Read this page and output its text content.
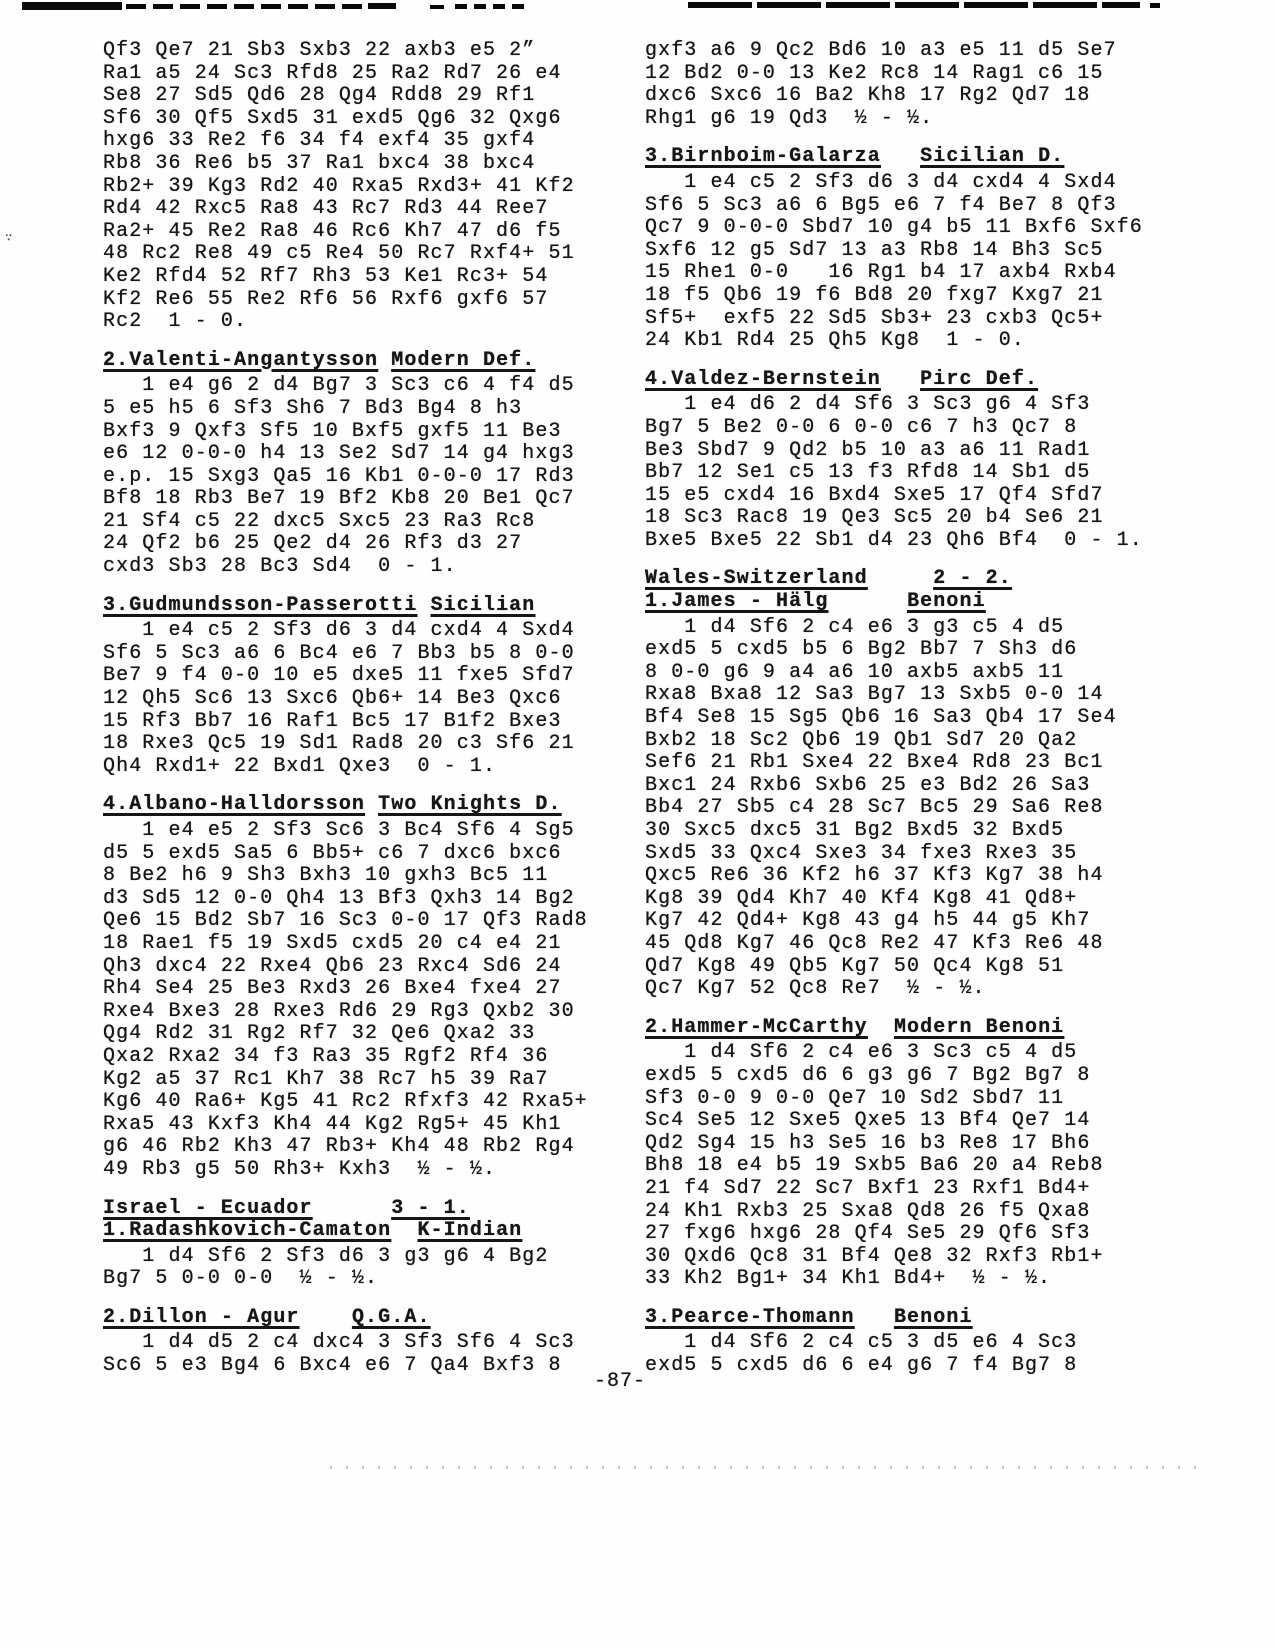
∵
Qf3 Qe7 21 Sb3 Sxb3 22 axb3 e5 2”
Ra1 a5 24 Sc3 Rfd8 25 Ra2 Rd7 26 e4
Se8 27 Sd5 Qd6 28 Qg4 Rdd8 29 Rf1
Sf6 30 Qf5 Sxd5 31 exd5 Qg6 32 Qxg6
hxg6 33 Re2 f6 34 f4 exf4 35 gxf4
Rb8 36 Re6 b5 37 Ra1 bxc4 38 bxc4
Rb2+ 39 Kg3 Rd2 40 Rxa5 Rxd3+ 41 Kf2
Rd4 42 Rxc5 Ra8 43 Rc7 Rd3 44 Ree7
Ra2+ 45 Re2 Ra8 46 Rc6 Kh7 47 d6 f5
48 Rc2 Re8 49 c5 Re4 50 Rc7 Rxf4+ 51
Ke2 Rfd4 52 Rf7 Rh3 53 Ke1 Rc3+ 54
Kf2 Re6 55 Re2 Rf6 56 Rxf6 gxf6 57
Rc2  1 - 0.
2.Valenti-Angantysson Modern Def.
1 e4 g6 2 d4 Bg7 3 Sc3 c6 4 f4 d5
5 e5 h5 6 Sf3 Sh6 7 Bd3 Bg4 8 h3
Bxf3 9 Qxf3 Sf5 10 Bxf5 gxf5 11 Be3
e6 12 0-0-0 h4 13 Se2 Sd7 14 g4 hxg3
e.p. 15 Sxg3 Qa5 16 Kb1 0-0-0 17 Rd3
Bf8 18 Rb3 Be7 19 Bf2 Kb8 20 Be1 Qc7
21 Sf4 c5 22 dxc5 Sxc5 23 Ra3 Rc8
24 Qf2 b6 25 Qe2 d4 26 Rf3 d3 27
cxd3 Sb3 28 Bc3 Sd4  0 - 1.
3.Gudmundsson-Passerotti Sicilian
1 e4 c5 2 Sf3 d6 3 d4 cxd4 4 Sxd4
Sf6 5 Sc3 a6 6 Bc4 e6 7 Bb3 b5 8 0-0
Be7 9 f4 0-0 10 e5 dxe5 11 fxe5 Sfd7
12 Qh5 Sc6 13 Sxc6 Qb6+ 14 Be3 Qxc6
15 Rf3 Bb7 16 Raf1 Bc5 17 B1f2 Bxe3
18 Rxe3 Qc5 19 Sd1 Rad8 20 c3 Sf6 21
Qh4 Rxd1+ 22 Bxd1 Qxe3  0 - 1.
4.Albano-Halldorsson Two Knights D.
1 e4 e5 2 Sf3 Sc6 3 Bc4 Sf6 4 Sg5
d5 5 exd5 Sa5 6 Bb5+ c6 7 dxc6 bxc6
8 Be2 h6 9 Sh3 Bxh3 10 gxh3 Bc5 11
d3 Sd5 12 0-0 Qh4 13 Bf3 Qxh3 14 Bg2
Qe6 15 Bd2 Sb7 16 Sc3 0-0 17 Qf3 Rad8
18 Rae1 f5 19 Sxd5 cxd5 20 c4 e4 21
Qh3 dxc4 22 Rxe4 Qb6 23 Rxc4 Sd6 24
Rh4 Se4 25 Be3 Rxd3 26 Bxe4 fxe4 27
Rxe4 Bxe3 28 Rxe3 Rd6 29 Rg3 Qxb2 30
Qg4 Rd2 31 Rg2 Rf7 32 Qe6 Qxa2 33
Qxa2 Rxa2 34 f3 Ra3 35 Rgf2 Rf4 36
Kg2 a5 37 Rc1 Kh7 38 Rc7 h5 39 Ra7
Kg6 40 Ra6+ Kg5 41 Rc2 Rfxf3 42 Rxa5+
Rxa5 43 Kxf3 Kh4 44 Kg2 Rg5+ 45 Kh1
g6 46 Rb2 Kh3 47 Rb3+ Kh4 48 Rb2 Rg4
49 Rb3 g5 50 Rh3+ Kxh3  ½ - ½.
Israel - Ecuador	3 - 1.
1.Radashkovich-Camaton K-Indian
1 d4 Sf6 2 Sf3 d6 3 g3 g6 4 Bg2
Bg7 5 0-0 0-0  ½ - ½.
2.Dillon - Agur	Q.G.A.
1 d4 d5 2 c4 dxc4 3 Sf3 Sf6 4 Sc3
Sc6 5 e3 Bg4 6 Bxc4 e6 7 Qa4 Bxf3 8
gxf3 a6 9 Qc2 Bd6 10 a3 e5 11 d5 Se7
12 Bd2 0-0 13 Ke2 Rc8 14 Rag1 c6 15
dxc6 Sxc6 16 Ba2 Kh8 17 Rg2 Qd7 18
Rhg1 g6 19 Qd3  ½ - ½.
3.Birnboim-Galarza Sicilian D.
1 e4 c5 2 Sf3 d6 3 d4 cxd4 4 Sxd4
Sf6 5 Sc3 a6 6 Bg5 e6 7 f4 Be7 8 Qf3
Qc7 9 0-0-0 Sbd7 10 g4 b5 11 Bxf6 Sxf6
Sxf6 12 g5 Sd7 13 a3 Rb8 14 Bh3 Sc5
15 Rhe1 0-0   16 Rg1 b4 17 axb4 Rxb4
18 f5 Qb6 19 f6 Bd8 20 fxg7 Kxg7 21
Sf5+  exf5 22 Sd5 Sb3+ 23 cxb3 Qc5+
24 Kb1 Rd4 25 Qh5 Kg8  1 - 0.
4.Valdez-Bernstein Pirc Def.
1 e4 d6 2 d4 Sf6 3 Sc3 g6 4 Sf3
Bg7 5 Be2 0-0 6 0-0 c6 7 h3 Qc7 8
Be3 Sbd7 9 Qd2 b5 10 a3 a6 11 Rad1
Bb7 12 Se1 c5 13 f3 Rfd8 14 Sb1 d5
15 e5 cxd4 16 Bxd4 Sxe5 17 Qf4 Sfd7
18 Sc3 Rac8 19 Qe3 Sc5 20 b4 Se6 21
Bxe5 Bxe5 22 Sb1 d4 23 Qh6 Bf4  0 - 1.
Wales-Switzerland	2 - 2.
1.James - Hälg	Benoni
1 d4 Sf6 2 c4 e6 3 g3 c5 4 d5
exd5 5 cxd5 b5 6 Bg2 Bb7 7 Sh3 d6
8 0-0 g6 9 a4 a6 10 axb5 axb5 11
Rxa8 Bxa8 12 Sa3 Bg7 13 Sxb5 0-0 14
Bf4 Se8 15 Sg5 Qb6 16 Sa3 Qb4 17 Se4
Bxb2 18 Sc2 Qb6 19 Qb1 Sd7 20 Qa2
Sef6 21 Rb1 Sxe4 22 Bxe4 Rd8 23 Bc1
Bxc1 24 Rxb6 Sxb6 25 e3 Bd2 26 Sa3
Bb4 27 Sb5 c4 28 Sc7 Bc5 29 Sa6 Re8
30 Sxc5 dxc5 31 Bg2 Bxd5 32 Bxd5
Sxd5 33 Qxc4 Sxe3 34 fxe3 Rxe3 35
Qxc5 Re6 36 Kf2 h6 37 Kf3 Kg7 38 h4
Kg8 39 Qd4 Kh7 40 Kf4 Kg8 41 Qd8+
Kg7 42 Qd4+ Kg8 43 g4 h5 44 g5 Kh7
45 Qd8 Kg7 46 Qc8 Re2 47 Kf3 Re6 48
Qd7 Kg8 49 Qb5 Kg7 50 Qc4 Kg8 51
Qc7 Kg7 52 Qc8 Re7  ½ - ½.
2.Hammer-McCarthy Modern Benoni
1 d4 Sf6 2 c4 e6 3 Sc3 c5 4 d5
exd5 5 cxd5 d6 6 g3 g6 7 Bg2 Bg7 8
Sf3 0-0 9 0-0 Qe7 10 Sd2 Sbd7 11
Sc4 Se5 12 Sxe5 Qxe5 13 Bf4 Qe7 14
Qd2 Sg4 15 h3 Se5 16 b3 Re8 17 Bh6
Bh8 18 e4 b5 19 Sxb5 Ba6 20 a4 Reb8
21 f4 Sd7 22 Sc7 Bxf1 23 Rxf1 Bd4+
24 Kh1 Rxb3 25 Sxa8 Qd8 26 f5 Qxa8
27 fxg6 hxg6 28 Qf4 Se5 29 Qf6 Sf3
30 Qxd6 Qc8 31 Bf4 Qe8 32 Rxf3 Rb1+
33 Kh2 Bg1+ 34 Kh1 Bd4+  ½ - ½.
3.Pearce-Thomann Benoni
1 d4 Sf6 2 c4 c5 3 d5 e6 4 Sc3
exd5 5 cxd5 d6 6 e4 g6 7 f4 Bg7 8
-87-
